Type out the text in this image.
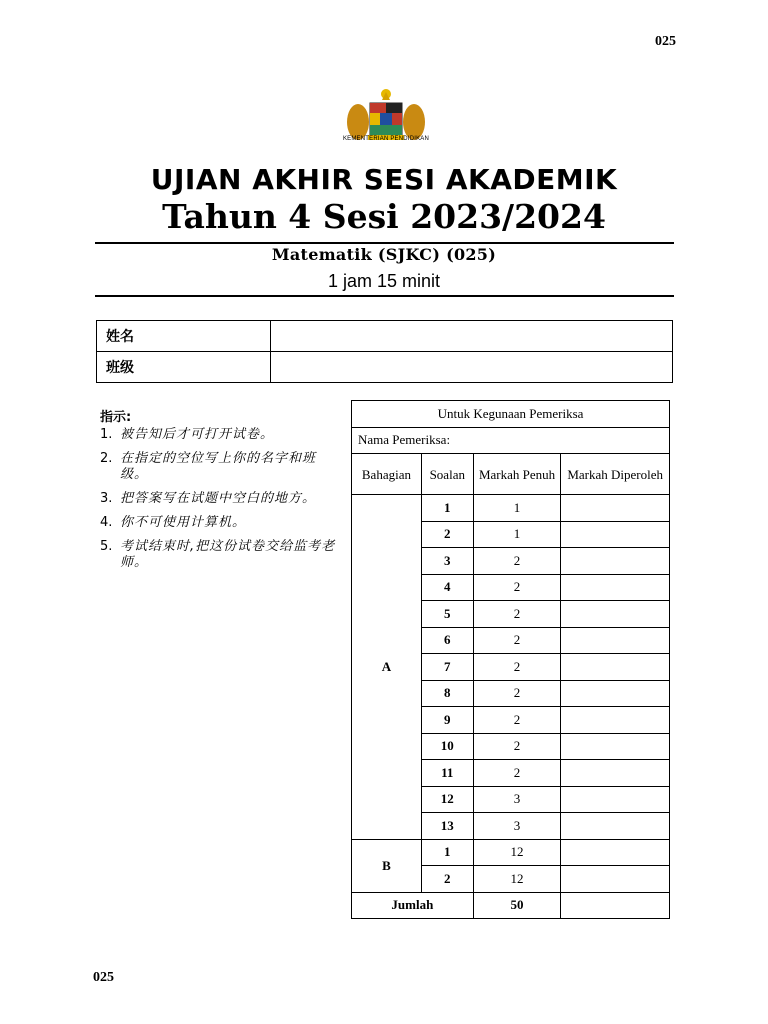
025
KEMENTERIAN PENDIDIKAN
UJIAN AKHIR SESI AKADEMIK
Tahun 4 Sesi 2023/2024
Matematik (SJKC) (025)
1 jam 15 minit
姓名	
班级	
指示:
1. 被告知后才可打开试卷。
2. 在指定的空位写上你的名字和班级。
3. 把答案写在试题中空白的地方。
4. 你不可使用计算机。
5. 考试结束时,把这份试卷交给监考老师。
Untuk Kegunaan Pemeriksa			
Nama Pemeriksa:			
Bahagian	Soalan	Markah Penuh	Markah Diperoleh
A	1	1	
	2	1	
	3	2	
	4	2	
	5	2	
	6	2	
	7	2	
	8	2	
	9	2	
	10	2	
	11	2	
	12	3	
	13	3	
B	1	12	
	2	12	
Jumlah		50	
025
